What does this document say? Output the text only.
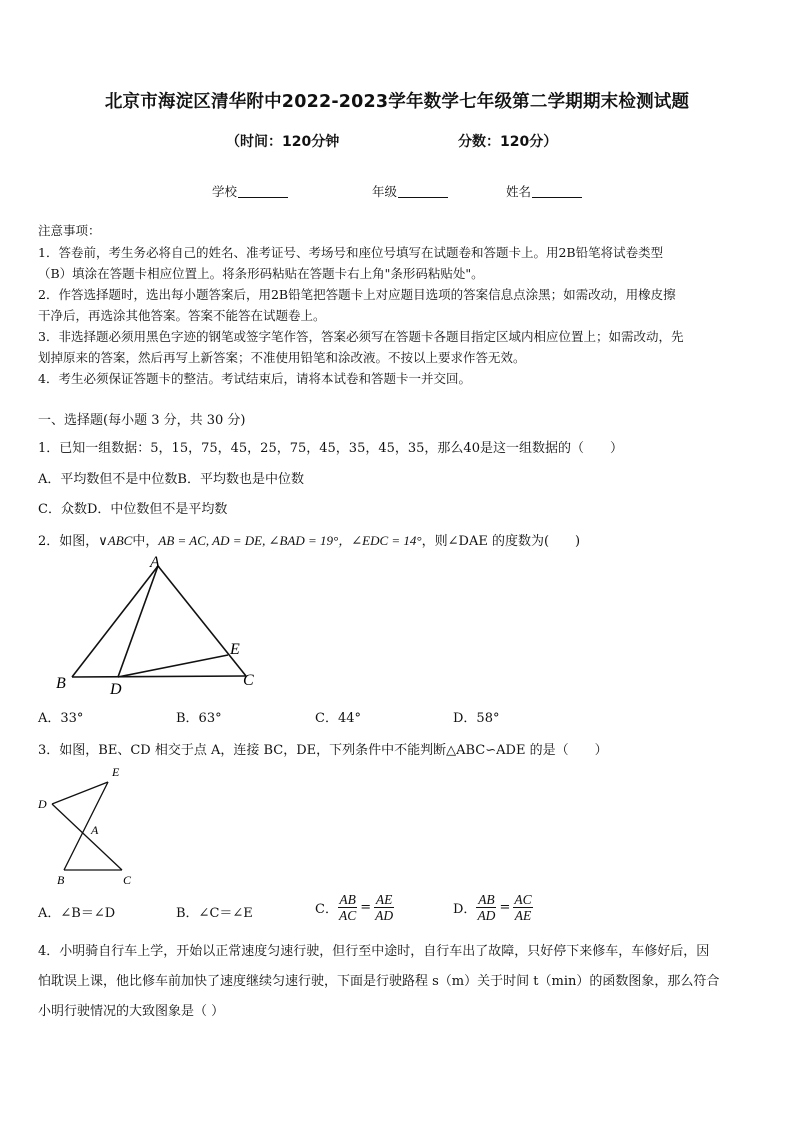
北京市海淀区清华附中2022-2023学年数学七年级第二学期期末检测试题
（时间：120分钟	分数：120分）
学校	年级	姓名
注意事项：
1．答卷前，考生务必将自己的姓名、准考证号、考场号和座位号填写在试题卷和答题卡上。用2B铅笔将试卷类型
（B）填涂在答题卡相应位置上。将条形码粘贴在答题卡右上角"条形码粘贴处"。
2．作答选择题时，选出每小题答案后，用2B铅笔把答题卡上对应题目选项的答案信息点涂黑；如需改动，用橡皮擦
干净后，再选涂其他答案。答案不能答在试题卷上。
3．非选择题必须用黑色字迹的钢笔或签字笔作答，答案必须写在答题卡各题目指定区域内相应位置上；如需改动，先
划掉原来的答案，然后再写上新答案；不准使用铅笔和涂改液。不按以上要求作答无效。
4．考生必须保证答题卡的整洁。考试结束后，请将本试卷和答题卡一并交回。
一、选择题(每小题 3 分，共 30 分)
1．已知一组数据：5，15，75，45，25，75，45，35，45，35，那么40是这一组数据的（　　）
A．平均数但不是中位数B．平均数也是中位数
C．众数D．中位数但不是平均数
2．如图，∨ABC中，AB = AC, AD = DE, ∠BAD = 19°，∠EDC = 14°，则∠DAE 的度数为(　　)
A
B	D
C
E
A．33°	B．63°	C．44°	D．58°
3．如图，BE、CD 相交于点 A，连接 BC，DE，下列条件中不能判断△ABC∽ADE 的是（　　）
E
D
A
B	C
A．∠B＝∠D	B．∠C＝∠E	C． $\frac{AB}{AC} = \frac{AE}{AD}$	D． $\frac{AB}{AD} = \frac{AC}{AE}$
4．小明骑自行车上学，开始以正常速度匀速行驶，但行至中途时，自行车出了故障，只好停下来修车，车修好后，因
怕耽误上课，他比修车前加快了速度继续匀速行驶，下面是行驶路程 s（m）关于时间 t（min）的函数图象，那么符合
小明行驶情况的大致图象是（ ）
